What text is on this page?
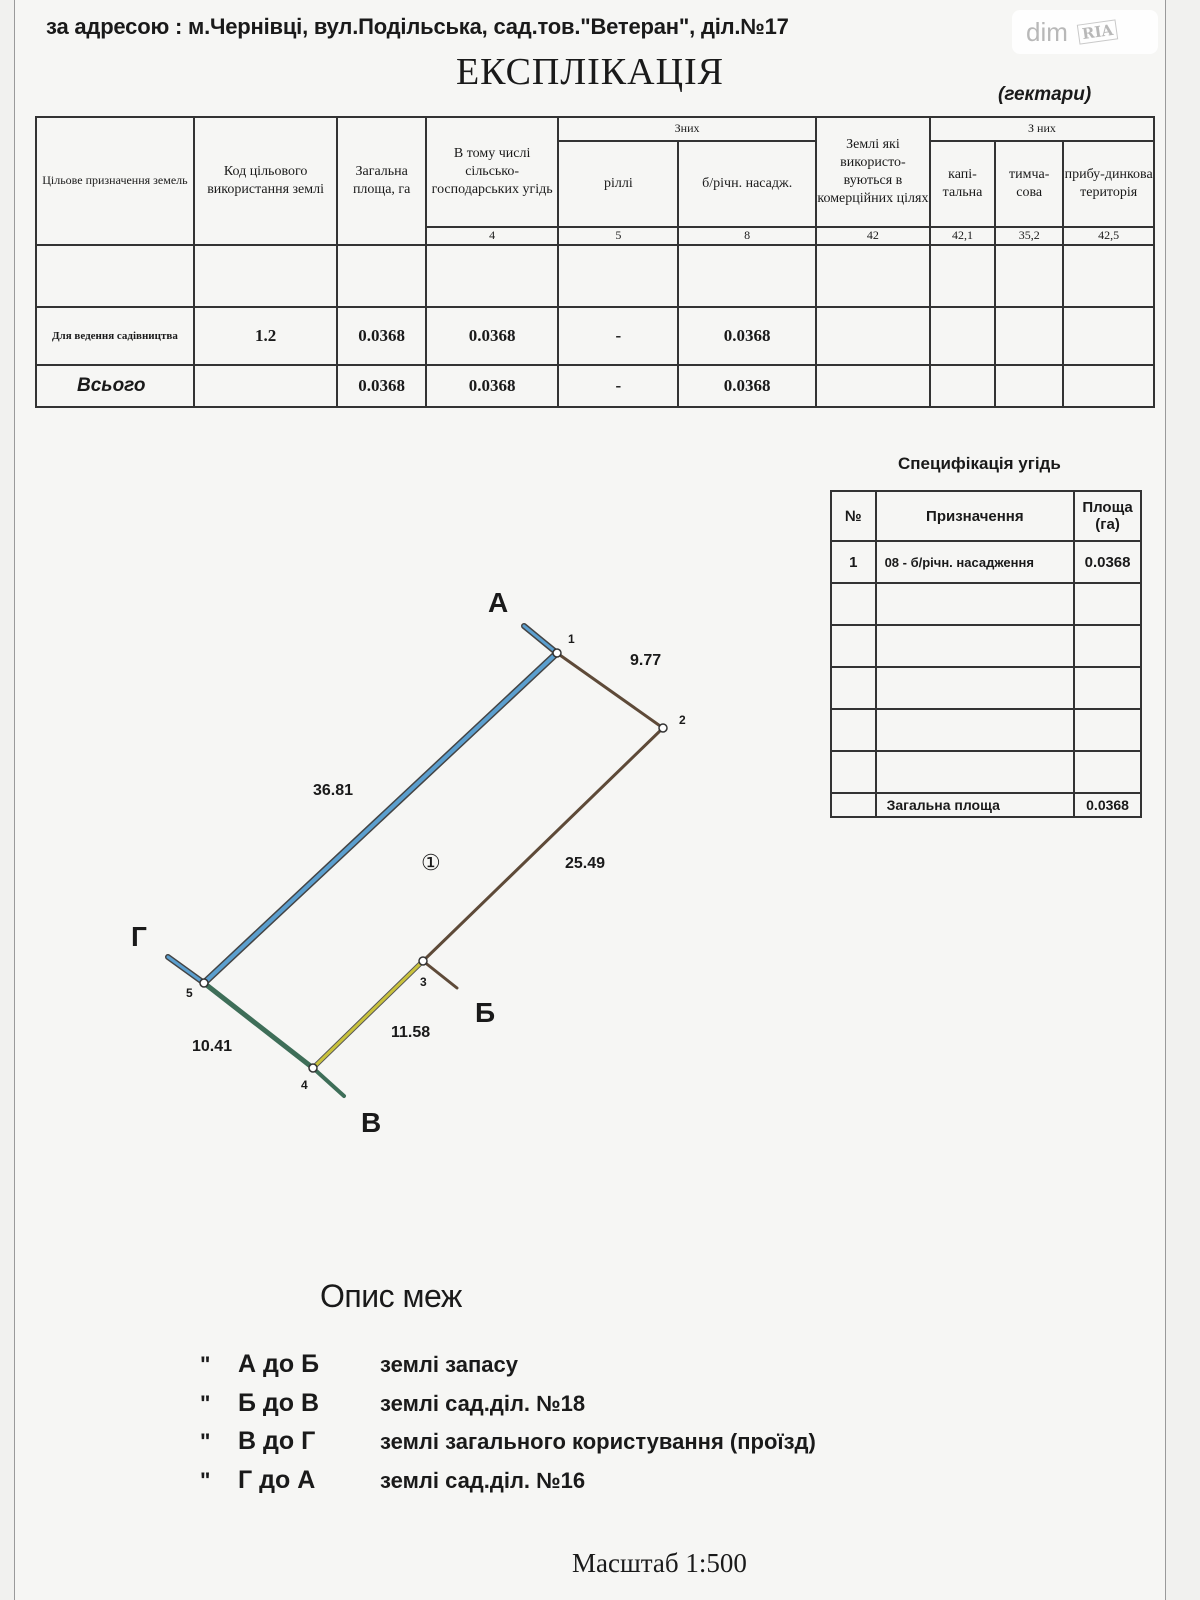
за адресою : м.Чернівці, вул.Подільська, сад.тов."Ветеран", діл.№17	dim RIA
ЕКСПЛІКАЦІЯ
(гектари)
Цільове призначення земель	Код цільового використання землі	Загальна площа, га	В тому числі сільсько-господарських угідь	Зних		Землі які використо-вуються в комерційних цілях	З них		
				ріллі	б/річн. насадж.		капі-тальна	тимча-сова	прибу-динкова територія
			4	5	8	42	42,1	35,2	42,5

Для ведення садівництва	1.2	0.0368	0.0368	-	0.0368				
Всього		0.0368	0.0368	-	0.0368				
Специфікація угідь
№	Призначення	Площа (га)
1	08 - б/річн. насадження	0.0368

	Загальна площа	0.0368
1
2
3
4
5
А
Б
В
Г
9.77
25.49
11.58
10.41
36.81
①
Опис меж
" А до Б	землі запасу
" Б до В	землі сад.діл. №18
" В до Г	землі загального користування (проїзд)
" Г до А	землі сад.діл. №16
Масштаб 1:500
